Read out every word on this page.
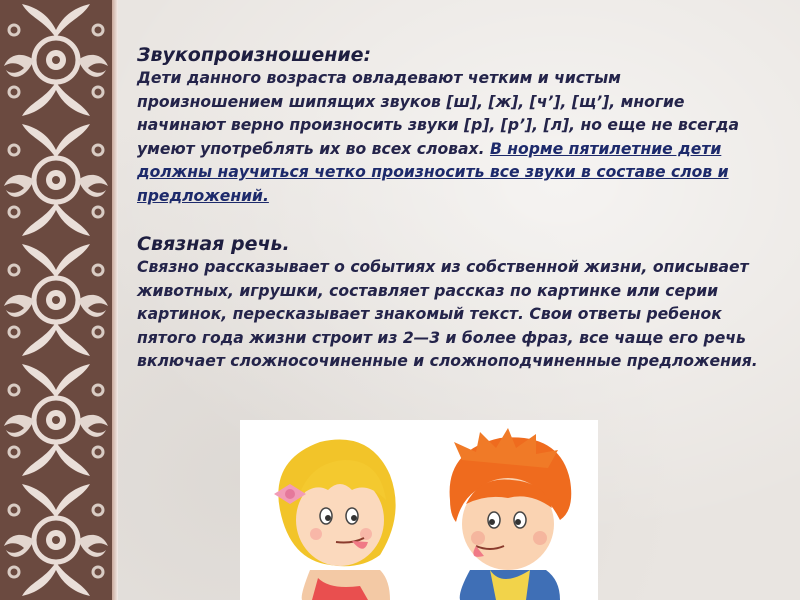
Звукопроизношение:

Дети данного возраста овладевают четким и чистым произношением шипящих звуков [ш], [ж], [ч’], [щ’], многие начинают верно произносить звуки [р], [р’], [л], но еще не всегда умеют употреблять их во всех словах. В норме пятилетние дети должны научиться четко произносить все звуки в составе слов и предложений.

Связная речь.

Связно рассказывает о событиях из собственной жизни, описывает животных, игрушки, составляет рассказ по картинке или серии картинок, пересказывает знакомый текст. Свои ответы ребенок пятого года жизни строит из 2—3 и более фраз, все чаще его речь включает сложносочиненные и сложноподчиненные предложения.
